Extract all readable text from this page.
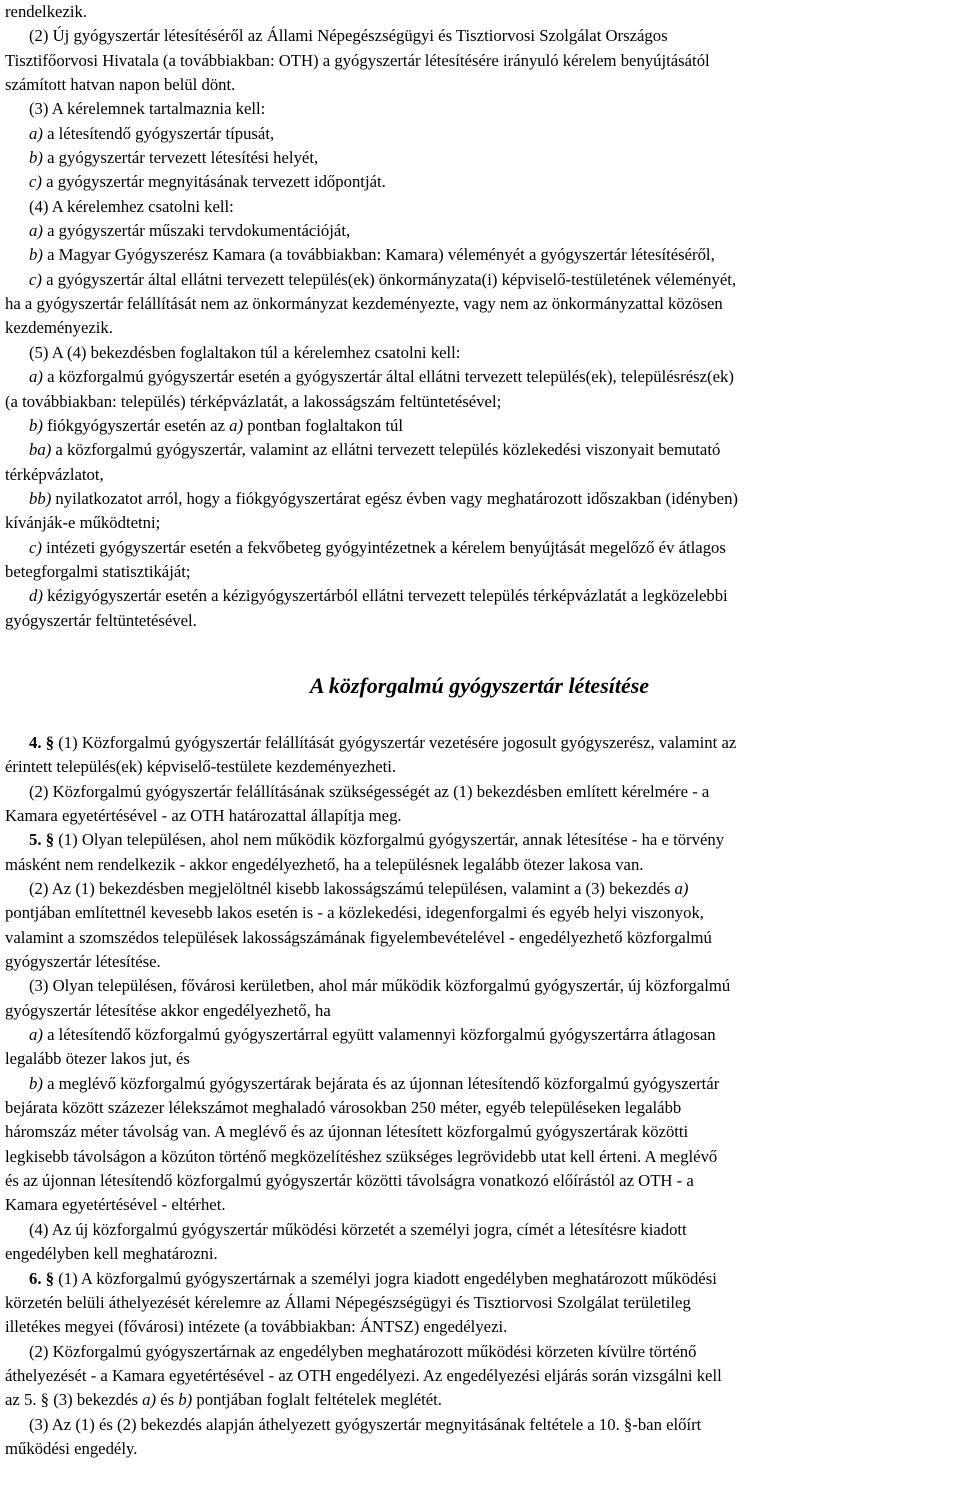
rendelkezik.

(2) Új gyógyszertár létesítéséről az Állami Népegészségügyi és Tisztiorvosi Szolgálat Országos

Tisztifőorvosi Hivatala (a továbbiakban: OTH) a gyógyszertár létesítésére irányuló kérelem benyújtásától

számított hatvan napon belül dönt.

(3) A kérelemnek tartalmaznia kell:

a) a létesítendő gyógyszertár típusát,

b) a gyógyszertár tervezett létesítési helyét,

c) a gyógyszertár megnyitásának tervezett időpontját.

(4) A kérelemhez csatolni kell:

a) a gyógyszertár műszaki tervdokumentációját,

b) a Magyar Gyógyszerész Kamara (a továbbiakban: Kamara) véleményét a gyógyszertár létesítéséről,

c) a gyógyszertár által ellátni tervezett település(ek) önkormányzata(i) képviselő-testületének véleményét,

ha a gyógyszertár felállítását nem az önkormányzat kezdeményezte, vagy nem az önkormányzattal közösen

kezdeményezik.

(5) A (4) bekezdésben foglaltakon túl a kérelemhez csatolni kell:

a) a közforgalmú gyógyszertár esetén a gyógyszertár által ellátni tervezett település(ek), településrész(ek)

(a továbbiakban: település) térképvázlatát, a lakosságszám feltüntetésével;

b) fiókgyógyszertár esetén az a) pontban foglaltakon túl

ba) a közforgalmú gyógyszertár, valamint az ellátni tervezett település közlekedési viszonyait bemutató

térképvázlatot,

bb) nyilatkozatot arról, hogy a fiókgyógyszertárat egész évben vagy meghatározott időszakban (idényben)

kívánják-e működtetni;

c) intézeti gyógyszertár esetén a fekvőbeteg gyógyintézetnek a kérelem benyújtását megelőző év átlagos

betegforgalmi statisztikáját;

d) kézigyógyszertár esetén a kézigyógyszertárból ellátni tervezett település térképvázlatát a legközelebbi

gyógyszertár feltüntetésével.

A közforgalmú gyógyszertár létesítése

4. § (1) Közforgalmú gyógyszertár felállítását gyógyszertár vezetésére jogosult gyógyszerész, valamint az

érintett település(ek) képviselő-testülete kezdeményezheti.

(2) Közforgalmú gyógyszertár felállításának szükségességét az (1) bekezdésben említett kérelmére - a

Kamara egyetértésével - az OTH határozattal állapítja meg.

5. § (1) Olyan településen, ahol nem működik közforgalmú gyógyszertár, annak létesítése - ha e törvény

másként nem rendelkezik - akkor engedélyezhető, ha a településnek legalább ötezer lakosa van.

(2) Az (1) bekezdésben megjelöltnél kisebb lakosságszámú településen, valamint a (3) bekezdés a)

pontjában említettnél kevesebb lakos esetén is - a közlekedési, idegenforgalmi és egyéb helyi viszonyok,

valamint a szomszédos települések lakosságszámának figyelembevételével - engedélyezhető közforgalmú

gyógyszertár létesítése.

(3) Olyan településen, fővárosi kerületben, ahol már működik közforgalmú gyógyszertár, új közforgalmú

gyógyszertár létesítése akkor engedélyezhető, ha

a) a létesítendő közforgalmú gyógyszertárral együtt valamennyi közforgalmú gyógyszertárra átlagosan

legalább ötezer lakos jut, és

b) a meglévő közforgalmú gyógyszertárak bejárata és az újonnan létesítendő közforgalmú gyógyszertár

bejárata között százezer lélekszámot meghaladó városokban 250 méter, egyéb településeken legalább

háromszáz méter távolság van. A meglévő és az újonnan létesített közforgalmú gyógyszertárak közötti

legkisebb távolságon a közúton történő megközelítéshez szükséges legrövidebb utat kell érteni. A meglévő

és az újonnan létesítendő közforgalmú gyógyszertár közötti távolságra vonatkozó előírástól az OTH - a

Kamara egyetértésével - eltérhet.

(4) Az új közforgalmú gyógyszertár működési körzetét a személyi jogra, címét a létesítésre kiadott

engedélyben kell meghatározni.

6. § (1) A közforgalmú gyógyszertárnak a személyi jogra kiadott engedélyben meghatározott működési

körzetén belüli áthelyezését kérelemre az Állami Népegészségügyi és Tisztiorvosi Szolgálat területileg

illetékes megyei (fővárosi) intézete (a továbbiakban: ÁNTSZ) engedélyezi.

(2) Közforgalmú gyógyszertárnak az engedélyben meghatározott működési körzeten kívülre történő

áthelyezését - a Kamara egyetértésével - az OTH engedélyezi. Az engedélyezési eljárás során vizsgálni kell

az 5. § (3) bekezdés a) és b) pontjában foglalt feltételek meglétét.

(3) Az (1) és (2) bekezdés alapján áthelyezett gyógyszertár megnyitásának feltétele a 10. §-ban előírt

működési engedély.
